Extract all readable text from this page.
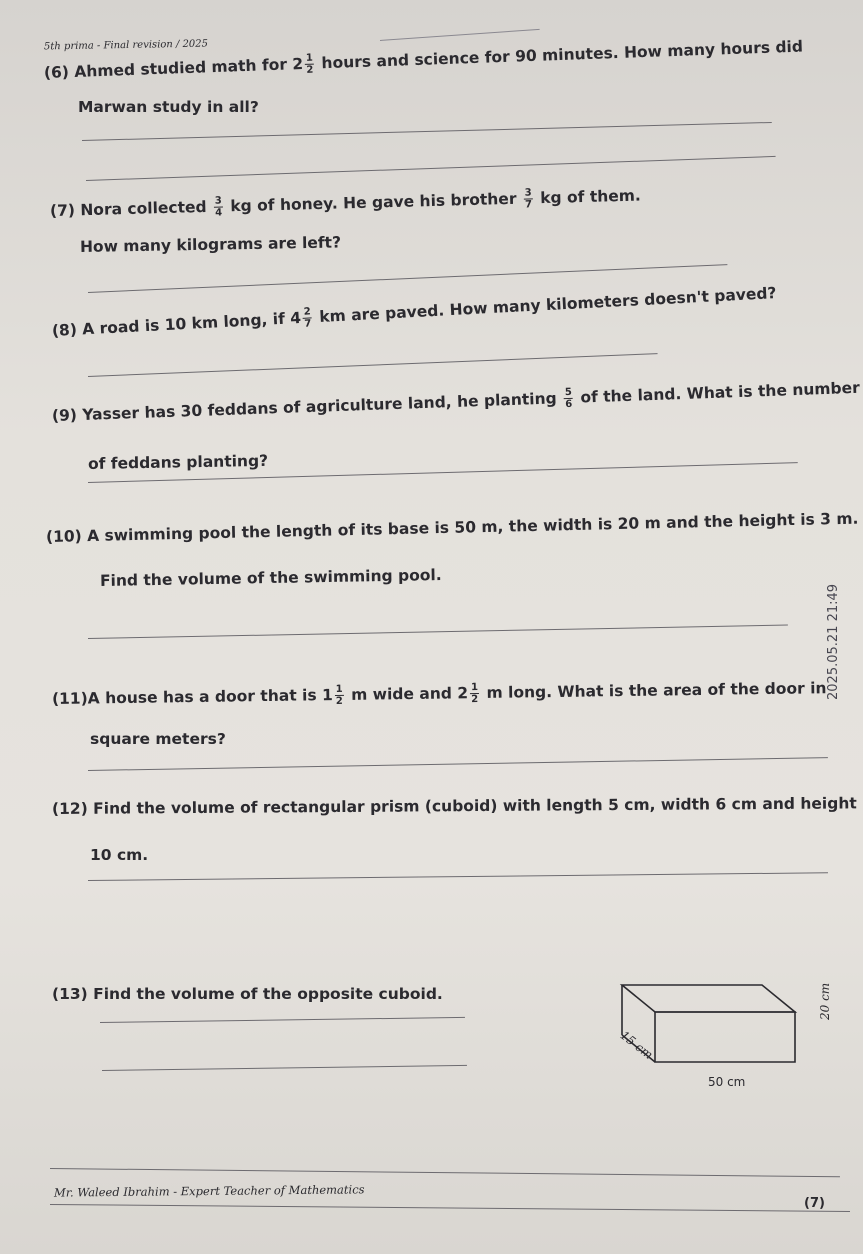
5th prima - Final revision / 2025
(6) Ahmed studied math for $2 \frac{1}{2}$ hours and science for 90 minutes. How many hours did
Marwan study in all?
(7) Nora collected $\frac{3}{4}$ kg of honey. He gave his brother $\frac{3}{7}$ kg of them.
How many kilograms are left?
(8) A road is 10 km long, if $4 \frac{2}{7}$ km are paved. How many kilometers doesn't paved?
(9) Yasser has 30 feddans of agriculture land, he planting $\frac{5}{6}$ of the land. What is the number
of feddans planting?
(10) A swimming pool the length of its base is 50 m, the width is 20 m and the height is 3 m.
Find the volume of the swimming pool.
(11)A house has a door that is $1 \frac{1}{2}$ m wide and $2 \frac{1}{2}$ m long. What is the area of the door in
square meters?
(12) Find the volume of rectangular prism (cuboid) with length 5 cm, width 6 cm and height
10 cm.
(13) Find the volume of the opposite cuboid.
15 cm
20 cm
50 cm
Mr. Waleed Ibrahim - Expert Teacher of Mathematics
(7)
2025.05.21 21:49
